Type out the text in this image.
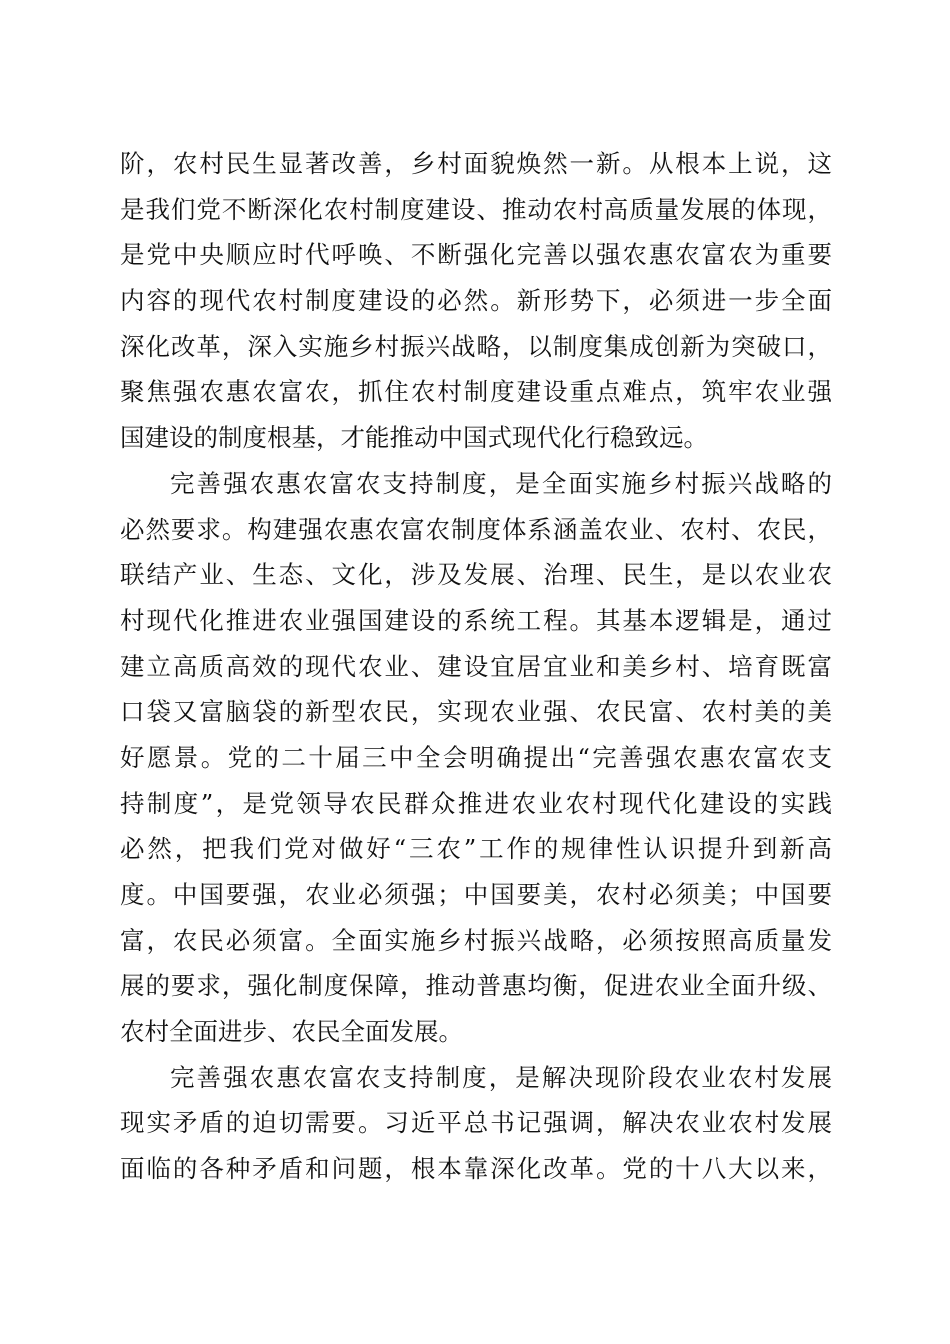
阶，农村民生显著改善，乡村面貌焕然一新。从根本上说，这
是我们党不断深化农村制度建设、推动农村高质量发展的体现，
是党中央顺应时代呼唤、不断强化完善以强农惠农富农为重要
内容的现代农村制度建设的必然。新形势下，必须进一步全面
深化改革，深入实施乡村振兴战略，以制度集成创新为突破口，
聚焦强农惠农富农，抓住农村制度建设重点难点，筑牢农业强
国建设的制度根基，才能推动中国式现代化行稳致远。
完善强农惠农富农支持制度，是全面实施乡村振兴战略的
必然要求。构建强农惠农富农制度体系涵盖农业、农村、农民，
联结产业、生态、文化，涉及发展、治理、民生，是以农业农
村现代化推进农业强国建设的系统工程。其基本逻辑是，通过
建立高质高效的现代农业、建设宜居宜业和美乡村、培育既富
口袋又富脑袋的新型农民，实现农业强、农民富、农村美的美
好愿景。党的二十届三中全会明确提出“完善强农惠农富农支
持制度”，是党领导农民群众推进农业农村现代化建设的实践
必然，把我们党对做好“三农”工作的规律性认识提升到新高
度。中国要强，农业必须强；中国要美，农村必须美；中国要
富，农民必须富。全面实施乡村振兴战略，必须按照高质量发
展的要求，强化制度保障，推动普惠均衡，促进农业全面升级、
农村全面进步、农民全面发展。
完善强农惠农富农支持制度，是解决现阶段农业农村发展
现实矛盾的迫切需要。习近平总书记强调，解决农业农村发展
面临的各种矛盾和问题，根本靠深化改革。党的十八大以来，
